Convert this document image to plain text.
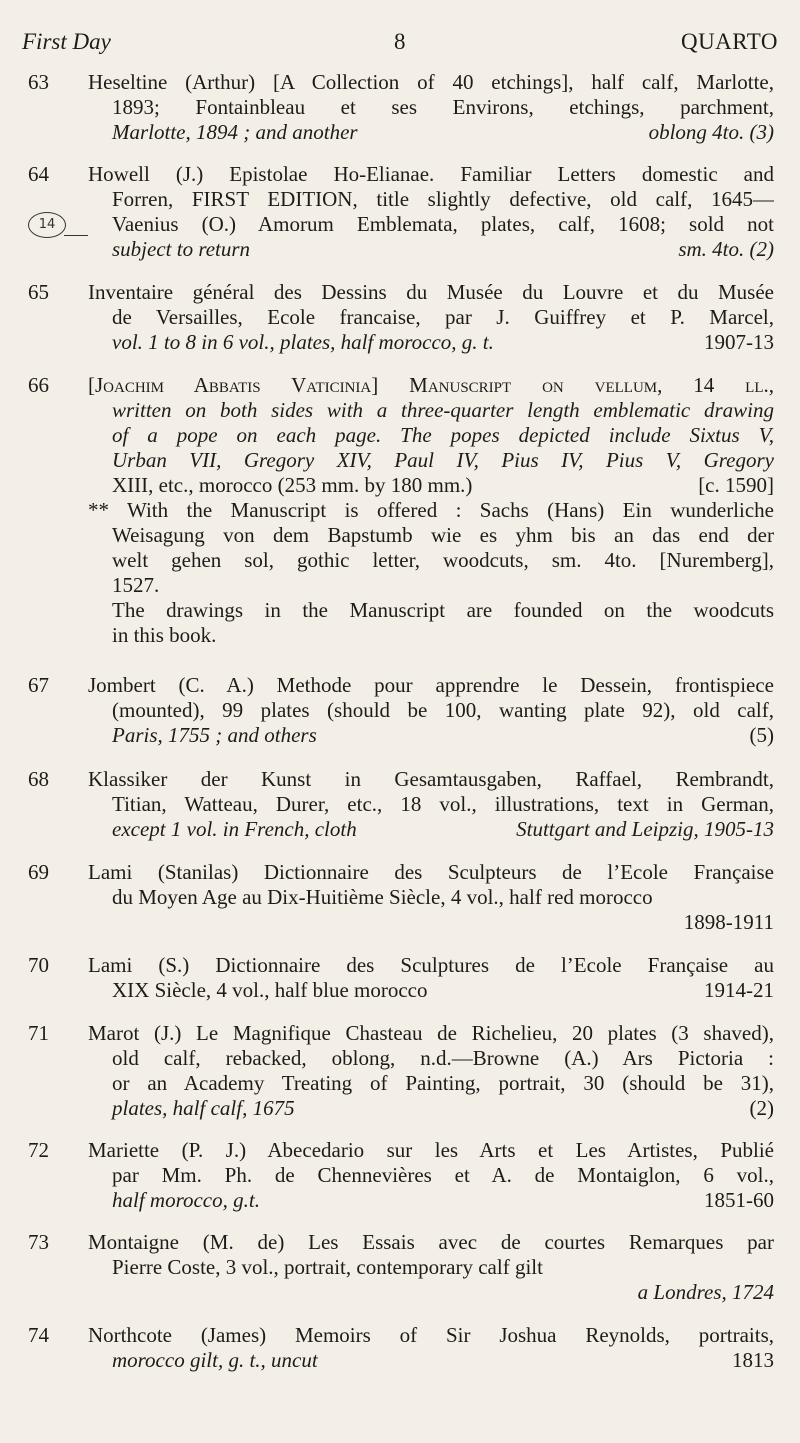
First Day	8	QUARTO
63	Heseltine (Arthur) [A Collection of 40 etchings], half calf, Marlotte,
1893; Fontainbleau et ses Environs, etchings, parchment,
Marlotte, 1894 ; and another	oblong 4to. (3)
64	Howell (J.) Epistolae Ho-Elianae. Familiar Letters domestic and
Forren, FIRST EDITION, title slightly defective, old calf, 1645—
14	Vaenius (O.) Amorum Emblemata, plates, calf, 1608; sold not
subject to return	sm. 4to. (2)
65	Inventaire général des Dessins du Musée du Louvre et du Musée
de Versailles, Ecole francaise, par J. Guiffrey et P. Marcel,
vol. 1 to 8 in 6 vol., plates, half morocco, g. t.	1907-13
66	[Joachim Abbatis Vaticinia] Manuscript on vellum, 14 ll.,
written on both sides with a three-quarter length emblematic drawing
of a pope on each page. The popes depicted include Sixtus V,
Urban VII, Gregory XIV, Paul IV, Pius IV, Pius V, Gregory
XIII, etc., morocco (253 mm. by 180 mm.)	[c. 1590]
** With the Manuscript is offered : Sachs (Hans) Ein wunderliche
Weisagung von dem Bapstumb wie es yhm bis an das end der
welt gehen sol, gothic letter, woodcuts, sm. 4to. [Nuremberg],
1527.
The drawings in the Manuscript are founded on the woodcuts
in this book.
67	Jombert (C. A.) Methode pour apprendre le Dessein, frontispiece
(mounted), 99 plates (should be 100, wanting plate 92), old calf,
Paris, 1755 ; and others	(5)
68	Klassiker der Kunst in Gesamtausgaben, Raffael, Rembrandt,
Titian, Watteau, Durer, etc., 18 vol., illustrations, text in German,
except 1 vol. in French, cloth	Stuttgart and Leipzig, 1905-13
69	Lami (Stanilas) Dictionnaire des Sculpteurs de l’Ecole Française
du Moyen Age au Dix-Huitième Siècle, 4 vol., half red morocco
1898-1911
70	Lami (S.) Dictionnaire des Sculptures de l’Ecole Française au
XIX Siècle, 4 vol., half blue morocco	1914-21
71	Marot (J.) Le Magnifique Chasteau de Richelieu, 20 plates (3 shaved),
old calf, rebacked, oblong, n.d.—Browne (A.) Ars Pictoria :
or an Academy Treating of Painting, portrait, 30 (should be 31),
plates, half calf, 1675	(2)
72	Mariette (P. J.) Abecedario sur les Arts et Les Artistes, Publié
par Mm. Ph. de Chennevières et A. de Montaiglon, 6 vol.,
half morocco, g.t.	1851-60
73	Montaigne (M. de) Les Essais avec de courtes Remarques par
Pierre Coste, 3 vol., portrait, contemporary calf gilt
a Londres, 1724
74	Northcote (James) Memoirs of Sir Joshua Reynolds, portraits,
morocco gilt, g. t., uncut	1813
